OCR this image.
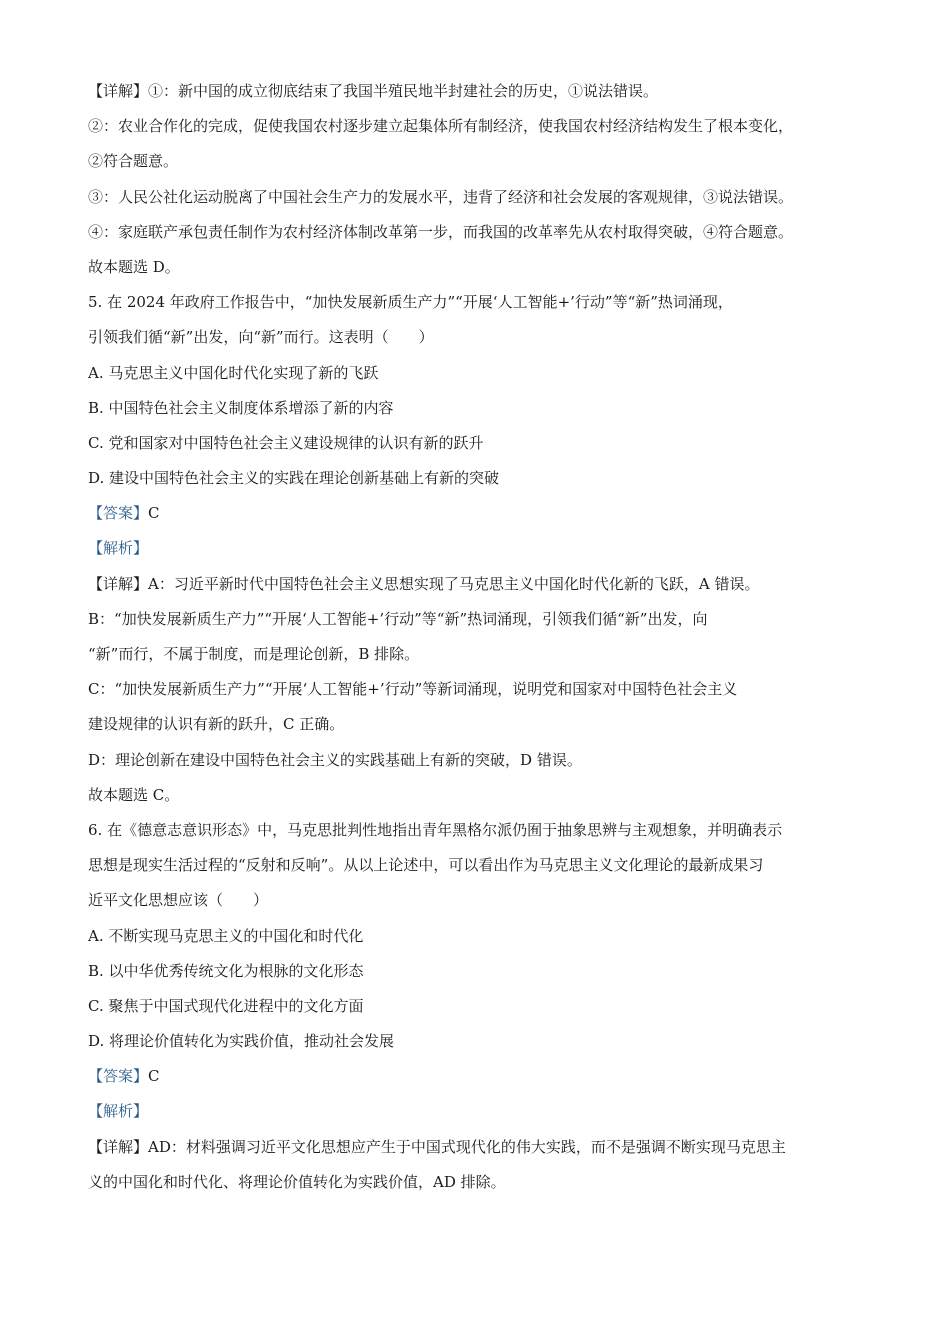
【详解】①：新中国的成立彻底结束了我国半殖民地半封建社会的历史，①说法错误。
②：农业合作化的完成，促使我国农村逐步建立起集体所有制经济，使我国农村经济结构发生了根本变化，
②符合题意。
③：人民公社化运动脱离了中国社会生产力的发展水平，违背了经济和社会发展的客观规律，③说法错误。
④：家庭联产承包责任制作为农村经济体制改革第一步，而我国的改革率先从农村取得突破，④符合题意。
故本题选 D。
5. 在 2024 年政府工作报告中，“加快发展新质生产力”“开展‘人工智能+’行动”等“新”热词涌现，
引领我们循“新”出发，向“新”而行。这表明（　　）
A. 马克思主义中国化时代化实现了新的飞跃
B. 中国特色社会主义制度体系增添了新的内容
C. 党和国家对中国特色社会主义建设规律的认识有新的跃升
D. 建设中国特色社会主义的实践在理论创新基础上有新的突破
【答案】C
【解析】
【详解】A：习近平新时代中国特色社会主义思想实现了马克思主义中国化时代化新的飞跃，A 错误。
B：“加快发展新质生产力”“开展‘人工智能+’行动”等“新”热词涌现，引领我们循“新”出发，向
“新”而行，不属于制度，而是理论创新，B 排除。
C：“加快发展新质生产力”“开展‘人工智能+’行动”等新词涌现，说明党和国家对中国特色社会主义
建设规律的认识有新的跃升，C 正确。
D：理论创新在建设中国特色社会主义的实践基础上有新的突破，D 错误。
故本题选 C。
6. 在《德意志意识形态》中，马克思批判性地指出青年黑格尔派仍囿于抽象思辨与主观想象，并明确表示
思想是现实生活过程的“反射和反响”。从以上论述中，可以看出作为马克思主义文化理论的最新成果习
近平文化思想应该（　　）
A. 不断实现马克思主义的中国化和时代化
B. 以中华优秀传统文化为根脉的文化形态
C. 聚焦于中国式现代化进程中的文化方面
D. 将理论价值转化为实践价值，推动社会发展
【答案】C
【解析】
【详解】AD：材料强调习近平文化思想应产生于中国式现代化的伟大实践，而不是强调不断实现马克思主
义的中国化和时代化、将理论价值转化为实践价值，AD 排除。
